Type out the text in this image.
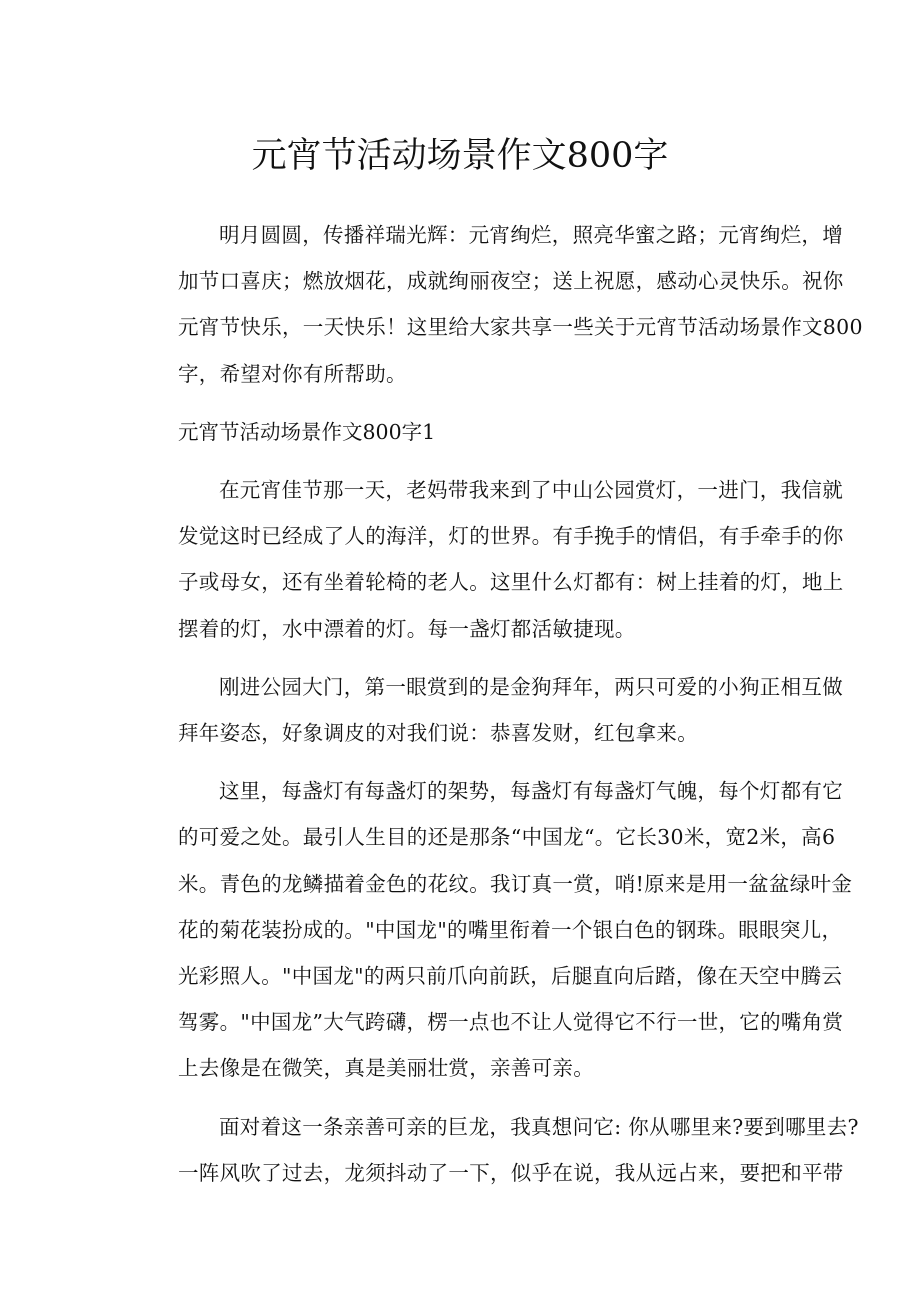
元宵节活动场景作文800字
明月圆圆，传播祥瑞光辉：元宵绚烂，照亮华蜜之路；元宵绚烂，增
加节口喜庆；燃放烟花，成就绚丽夜空；送上祝愿，感动心灵快乐。祝你
元宵节快乐，一天快乐！这里给大家共享一些关于元宵节活动场景作文800
字，希望对你有所帮助。
元宵节活动场景作文800字1
在元宵佳节那一天，老妈带我来到了中山公园赏灯，一进门，我信就
发觉这时已经成了人的海洋，灯的世界。有手挽手的情侣，有手牵手的你
子或母女，还有坐着轮椅的老人。这里什么灯都有：树上挂着的灯，地上
摆着的灯，水中漂着的灯。每一盏灯都活敏捷现。
刚进公园大门，第一眼赏到的是金狗拜年，两只可爱的小狗正相互做
拜年姿态，好象调皮的对我们说：恭喜发财，红包拿来。
这里，每盏灯有每盏灯的架势，每盏灯有每盏灯气魄，每个灯都有它
的可爱之处。最引人生目的还是那条“中国龙“。它长30米，宽2米，高6
米。青色的龙鳞描着金色的花纹。我订真一赏，哨!原来是用一盆盆绿叶金
花的菊花装扮成的。"中国龙"的嘴里衔着一个银白色的钢珠。眼眼突儿，
光彩照人。"中国龙"的两只前爪向前跃，后腿直向后踏，像在天空中腾云
驾雾。"中国龙”大气跨礴，楞一点也不让人觉得它不行一世，它的嘴角赏
上去像是在微笑，真是美丽壮赏，亲善可亲。
面对着这一条亲善可亲的巨龙，我真想问它: 你从哪里来?要到哪里去?
一阵风吹了过去，龙须抖动了一下，似乎在说，我从远占来，要把和平带
